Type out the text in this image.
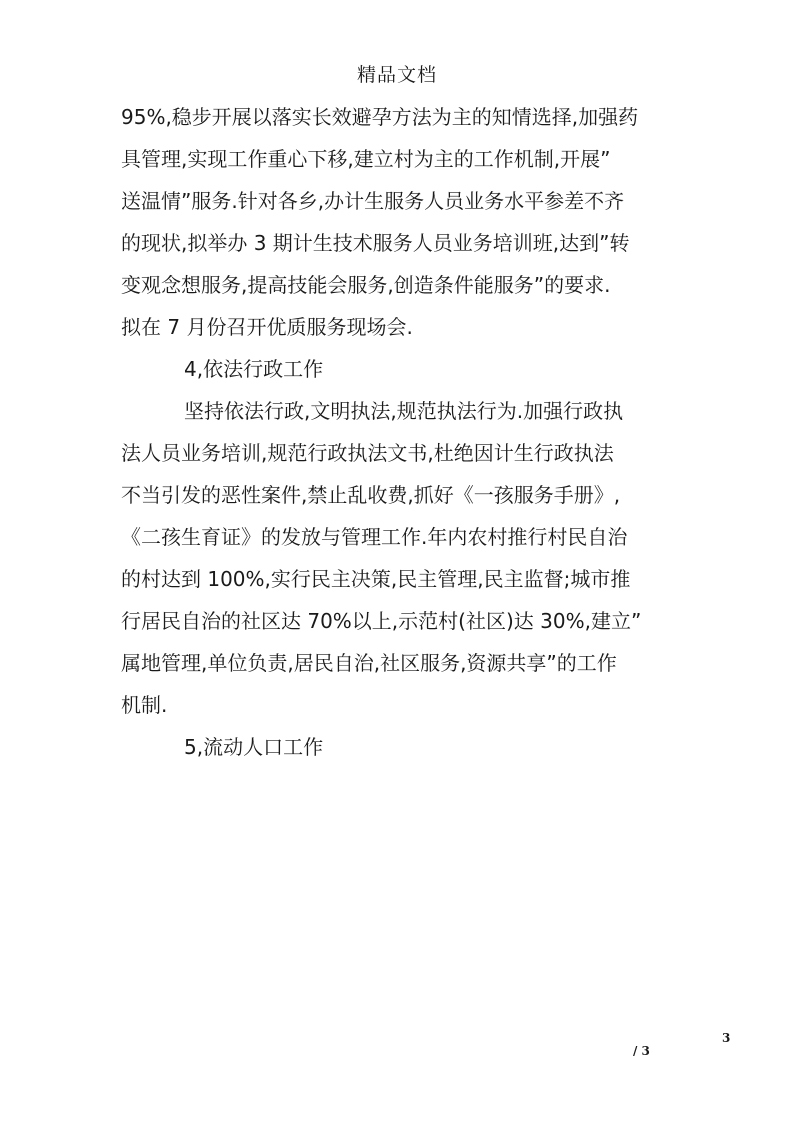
精品文档
95%,稳步开展以落实长效避孕方法为主的知情选择,加强药
具管理,实现工作重心下移,建立村为主的工作机制,开展”
送温情”服务.针对各乡,办计生服务人员业务水平参差不齐
的现状,拟举办 3 期计生技术服务人员业务培训班,达到”转
变观念想服务,提高技能会服务,创造条件能服务”的要求.
拟在 7 月份召开优质服务现场会.
4,依法行政工作
坚持依法行政,文明执法,规范执法行为.加强行政执
法人员业务培训,规范行政执法文书,杜绝因计生行政执法
不当引发的恶性案件,禁止乱收费,抓好《一孩服务手册》,
《二孩生育证》的发放与管理工作.年内农村推行村民自治
的村达到 100%,实行民主决策,民主管理,民主监督;城市推
行居民自治的社区达 70%以上,示范村(社区)达 30%,建立”
属地管理,单位负责,居民自治,社区服务,资源共享”的工作
机制.
5,流动人口工作
3
/ 3
